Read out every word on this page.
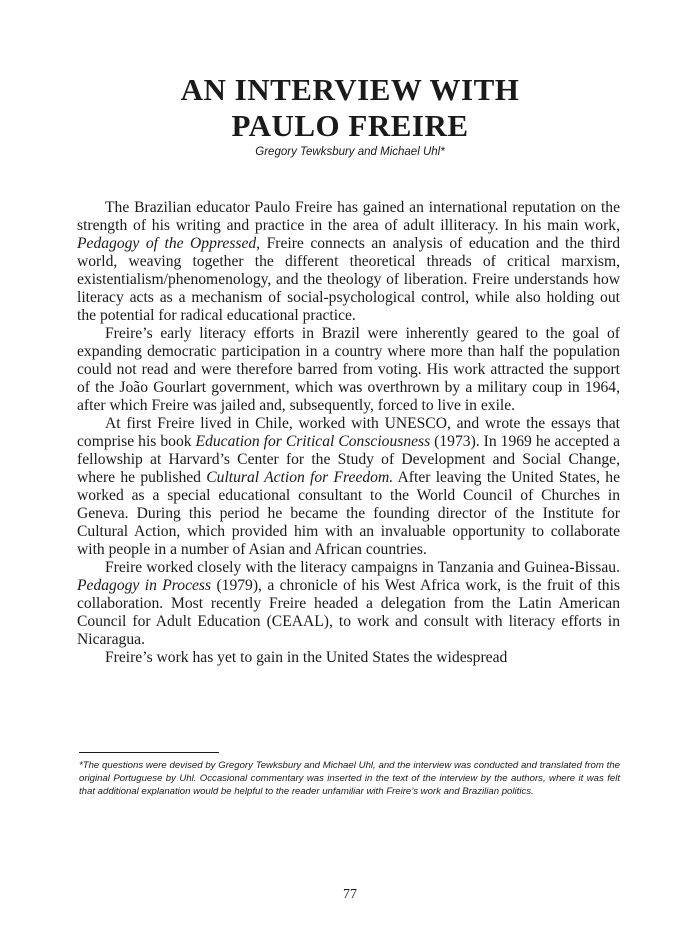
AN INTERVIEW WITH
PAULO FREIRE

Gregory Tewksbury and Michael Uhl*

The Brazilian educator Paulo Freire has gained an international reputation on the strength of his writing and practice in the area of adult illiteracy. In his main work, Pedagogy of the Oppressed, Freire connects an analysis of education and the third world, weaving together the different theoretical threads of critical marxism, existentialism/phenomenology, and the theology of liberation. Freire understands how literacy acts as a mechanism of social-psychological control, while also holding out the potential for radical educational practice.

Freire’s early literacy efforts in Brazil were inherently geared to the goal of expanding democratic participation in a country where more than half the population could not read and were therefore barred from voting. His work attracted the support of the João Gourlart government, which was overthrown by a military coup in 1964, after which Freire was jailed and, subsequently, forced to live in exile.

At first Freire lived in Chile, worked with UNESCO, and wrote the essays that comprise his book Education for Critical Consciousness (1973). In 1969 he accepted a fellowship at Harvard’s Center for the Study of Development and Social Change, where he published Cultural Action for Freedom. After leaving the United States, he worked as a special educational consultant to the World Council of Churches in Geneva. During this period he became the founding director of the Institute for Cultural Action, which provided him with an invaluable opportunity to collaborate with people in a number of Asian and African countries.

Freire worked closely with the literacy campaigns in Tanzania and Guinea-Bissau. Pedagogy in Process (1979), a chronicle of his West Africa work, is the fruit of this collaboration. Most recently Freire headed a delegation from the Latin American Council for Adult Education (CEAAL), to work and consult with literacy efforts in Nicaragua.

Freire’s work has yet to gain in the United States the widespread

*The questions were devised by Gregory Tewksbury and Michael Uhl, and the interview was conducted and translated from the original Portuguese by Uhl. Occasional commentary was inserted in the text of the interview by the authors, where it was felt that additional explanation would be helpful to the reader unfamiliar with Freire’s work and Brazilian politics.

77
